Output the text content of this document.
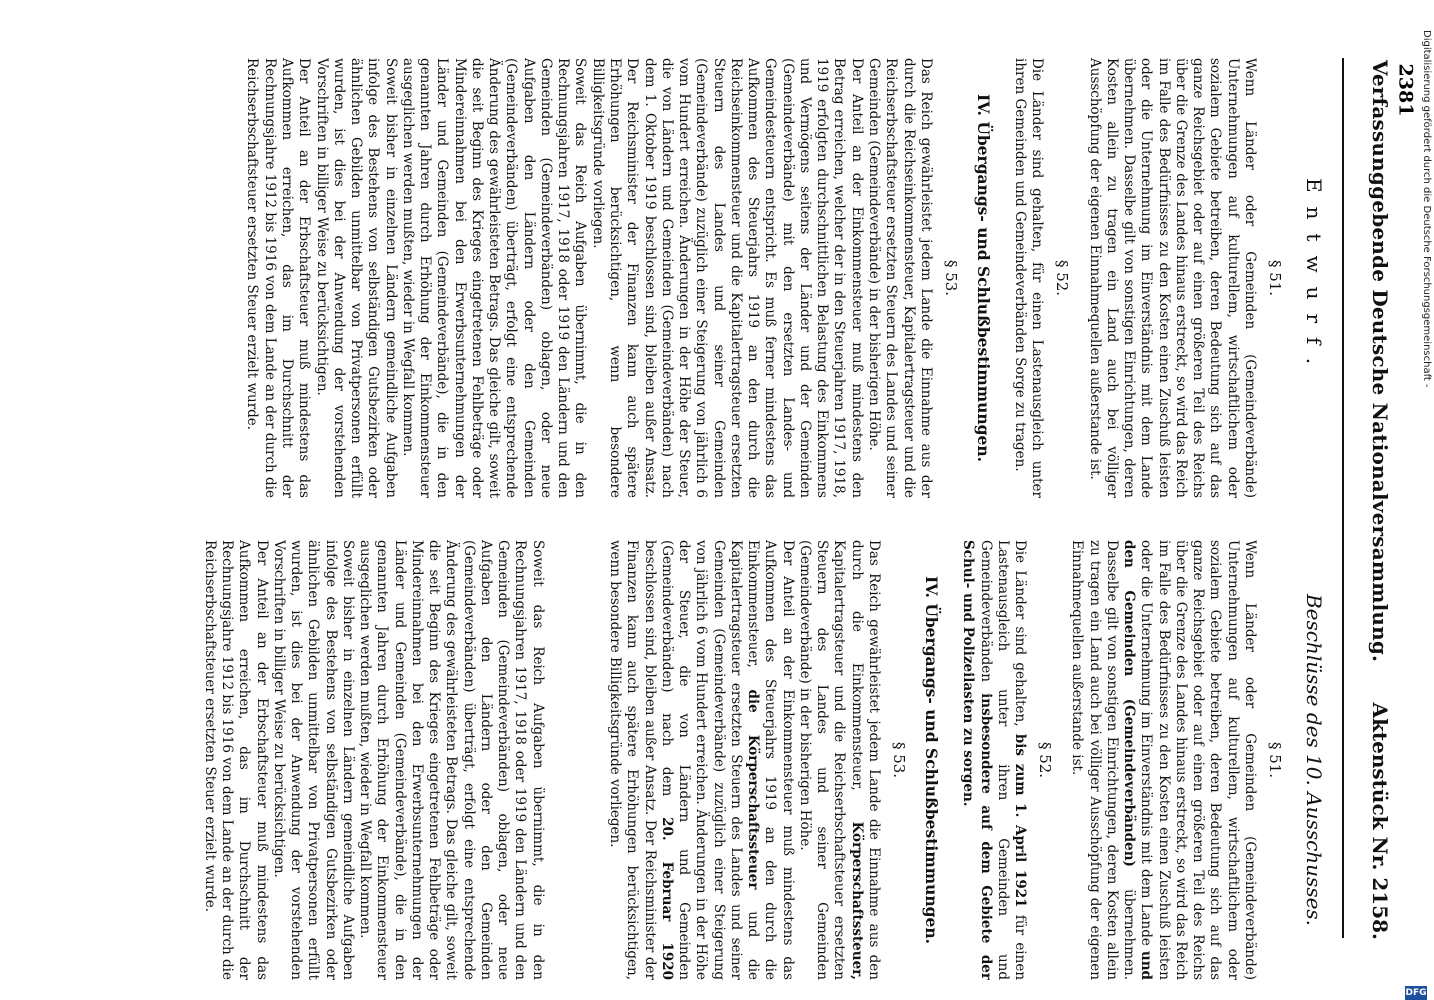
Verfassunggebende Deutsche Nationalversammlung.
Aktenstück Nr. 2158.
Entwurf.
§ 51.

Wenn Länder oder Gemeinden (Gemeindeverbände) Unternehmungen auf kulturellem, wirtschaftlichem oder sozialem Gebiete betreiben, deren Bedeutung sich auf das ganze Reichsgebiet oder auf einen größeren Teil des Reichs über die Grenze des Landes hinaus erstreckt, so wird das Reich im Falle des Bedürfnisses zu den Kosten einen Zuschuß leisten oder die Unternehmung im Einverständnis mit dem Lande übernehmen. Dasselbe gilt von sonstigen Einrichtungen, deren Kosten allein zu tragen ein Land auch bei völliger Ausschöpfung der eigenen Einnahmequellen außerstande ist.

§ 52.

Die Länder sind gehalten, für einen Lastenausgleich unter ihren Gemeinden und Gemeindeverbänden Sorge zu tragen.

IV. Übergangs- und Schlußbestimmungen.
§ 53.

Das Reich gewährleistet jedem Lande die Einnahme aus der durch die Reichseinkommensteuer, Kapitalertragsteuer und die Reichserbschaftsteuer ersetzten Steuern des Landes und seiner Gemeinden (Gemeindeverbände) in der bisherigen Höhe.

Der Anteil an der Einkommensteuer muß mindestens den Betrag erreichen, welcher der in den Steuerjahren 1917, 1918, 1919 erfolgten durchschnittlichen Belastung des Einkommens und Vermögens seitens der Länder und der Gemeinden (Gemeindeverbände) mit den ersetzten Landes- und Gemeindesteuern entspricht. Es muß ferner mindestens das Aufkommen des Steuerjahrs 1919 an den durch die Reichseinkommensteuer und die Kapitalertragsteuer ersetzten Steuern des Landes und seiner Gemeinden (Gemeindeverbände) zuzüglich einer Steigerung von jährlich 6 vom Hundert erreichen. Änderungen in der Höhe der Steuer, die von Ländern und Gemeinden (Gemeindeverbänden) nach dem 1. Oktober 1919 beschlossen sind, bleiben außer Ansatz. Der Reichsminister der Finanzen kann auch spätere Erhöhungen berücksichtigen, wenn besondere Billigkeitsgründe vorliegen.

Soweit das Reich Aufgaben übernimmt, die in den Rechnungsjahren 1917, 1918 oder 1919 den Ländern und den Gemeinden (Gemeindeverbänden) oblagen, oder neue Aufgaben den Ländern oder den Gemeinden (Gemeindeverbänden) überträgt, erfolgt eine entsprechende Änderung des gewährleisteten Betrags. Das gleiche gilt, soweit die seit Beginn des Krieges eingetretenen Fehlbeträge oder Mindereinnahmen bei den Erwerbsunternehmungen der Länder und Gemeinden (Gemeindeverbände), die in den genannten Jahren durch Erhöhung der Einkommensteuer ausgeglichen werden mußten, wieder in Wegfall kommen.

Soweit bisher in einzelnen Ländern gemeindliche Aufgaben infolge des Bestehens von selbständigen Gutsbezirken oder ähnlichen Gebilden unmittelbar von Privatpersonen erfüllt wurden, ist dies bei der Anwendung der vorstehenden Vorschriften in billiger Weise zu berücksichtigen.

Der Anteil an der Erbschaftsteuer muß mindestens das Aufkommen erreichen, das im Durchschnitt der Rechnungsjahre 1912 bis 1916 von dem Lande an der durch die Reichserbschaftsteuer ersetzten Steuer erzielt wurde.

Beschlüsse des 10. Ausschusses.
§ 51.

Wenn Länder oder Gemeinden (Gemeindeverbände) Unternehmungen auf kulturellem, wirtschaftlichem oder sozialem Gebiete betreiben, deren Bedeutung sich auf das ganze Reichsgebiet oder auf einen größeren Teil des Reichs über die Grenze des Landes hinaus erstreckt, so wird das Reich im Falle des Bedürfnisses zu den Kosten einen Zuschuß leisten oder die Unternehmung im Einverständnis mit dem Lande und den Gemeinden (Gemeindeverbänden) übernehmen. Dasselbe gilt von sonstigen Einrichtungen, deren Kosten allein zu tragen ein Land auch bei völliger Ausschöpfung der eigenen Einnahmequellen außerstande ist.

§ 52.

Die Länder sind gehalten, bis zum 1. April 1921 für einen Lastenausgleich unter ihren Gemeinden und Gemeindeverbänden insbesondere auf dem Gebiete der Schul- und Polizeilasten zu sorgen.

IV. Übergangs- und Schlußbestimmungen.
§ 53.

Das Reich gewährleistet jedem Lande die Einnahme aus den durch die Einkommensteuer, Körperschaftssteuer, Kapitalertragsteuer und die Reichserbschaftsteuer ersetzten Steuern des Landes und seiner Gemeinden (Gemeindeverbände) in der bisherigen Höhe.

Der Anteil an der Einkommensteuer muß mindestens das Aufkommen des Steuerjahrs 1919 an den durch die Einkommensteuer, die Körperschaftssteuer und die Kapitalertragsteuer ersetzten Steuern des Landes und seiner Gemeinden (Gemeindeverbände) zuzüglich einer Steigerung von jährlich 6 vom Hundert erreichen. Änderungen in der Höhe der Steuer, die von Ländern und Gemeinden (Gemeindeverbänden) nach dem 20. Februar 1920 beschlossen sind, bleiben außer Ansatz. Der Reichsminister der Finanzen kann auch spätere Erhöhungen berücksichtigen, wenn besondere Billigkeitsgründe vorliegen.

Soweit das Reich Aufgaben übernimmt, die in den Rechnungsjahren 1917, 1918 oder 1919 den Ländern und den Gemeinden (Gemeindeverbänden) oblagen, oder neue Aufgaben den Ländern oder den Gemeinden (Gemeindeverbänden) überträgt, erfolgt eine entsprechende Änderung des gewährleisteten Betrags. Das gleiche gilt, soweit die seit Beginn des Krieges eingetretenen Fehlbeträge oder Mindereinnahmen bei den Erwerbsunternehmungen der Länder und Gemeinden (Gemeindeverbände), die in den genannten Jahren durch Erhöhung der Einkommensteuer ausgeglichen werden mußten, wieder in Wegfall kommen.

Soweit bisher in einzelnen Ländern gemeindliche Aufgaben infolge des Bestehens von selbständigen Gutsbezirken oder ähnlichen Gebilden unmittelbar von Privatpersonen erfüllt wurden, ist dies bei der Anwendung der vorstehenden Vorschriften in billiger Weise zu berücksichtigen.

Der Anteil an der Erbschaftsteuer muß mindestens das Aufkommen erreichen, das im Durchschnitt der Rechnungsjahre 1912 bis 1916 von dem Lande an der durch die Reichserbschaftsteuer ersetzten Steuer erzielt wurde.

2381 Digitalisierung gefördert durch die Deutsche Forschungsgemeinschaft -
DFG
